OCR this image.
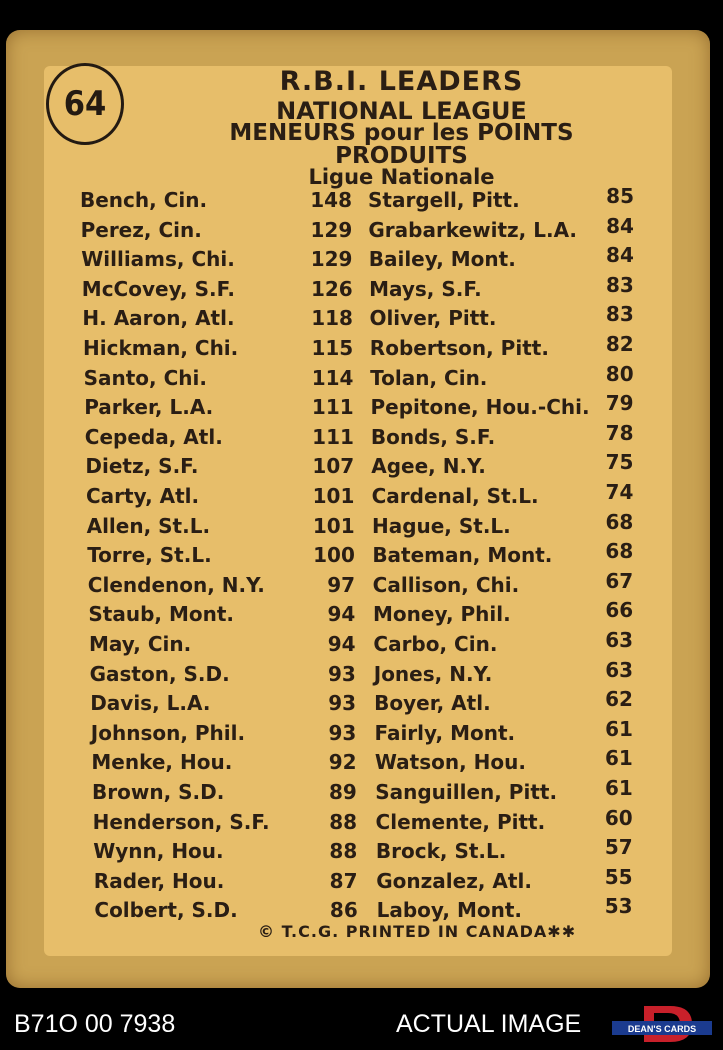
64
R.B.I. LEADERS
NATIONAL LEAGUE
MENEURS pour les POINTS
PRODUITS
Ligue Nationale
Bench, Cin.	148 Stargell, Pitt.	85
Perez, Cin.	129 Grabarkewitz, L.A.	84
Williams, Chi.	129 Bailey, Mont.	84
McCovey, S.F.	126 Mays, S.F.	83
H. Aaron, Atl.	118 Oliver, Pitt.	83
Hickman, Chi.	115 Robertson, Pitt.	82
Santo, Chi.	114 Tolan, Cin.	80
Parker, L.A.	111 Pepitone, Hou.-Chi. 79
Cepeda, Atl.	111 Bonds, S.F.	78
Dietz, S.F.	107 Agee, N.Y.	75
Carty, Atl.	101 Cardenal, St.L.	74
Allen, St.L.	101 Hague, St.L.	68
Torre, St.L.	100 Bateman, Mont.	68
Clendenon, N.Y.	97 Callison, Chi.	67
Staub, Mont.	94 Money, Phil.	66
May, Cin.	94 Carbo, Cin.	63
Gaston, S.D.	93 Jones, N.Y.	63
Davis, L.A.	93 Boyer, Atl.	62
Johnson, Phil.	93 Fairly, Mont.	61
Menke, Hou.	92 Watson, Hou.	61
Brown, S.D.	89 Sanguillen, Pitt.	61
Henderson, S.F.	88 Clemente, Pitt.	60
Wynn, Hou.	88 Brock, St.L.	57
Rader, Hou.	87 Gonzalez, Atl.	55
Colbert, S.D.	86 Laboy, Mont.	53
© T.C.G. PRINTED IN CANADA✱✱
B71O 00 7938	ACTUAL IMAGE	DEAN'S CARDS
